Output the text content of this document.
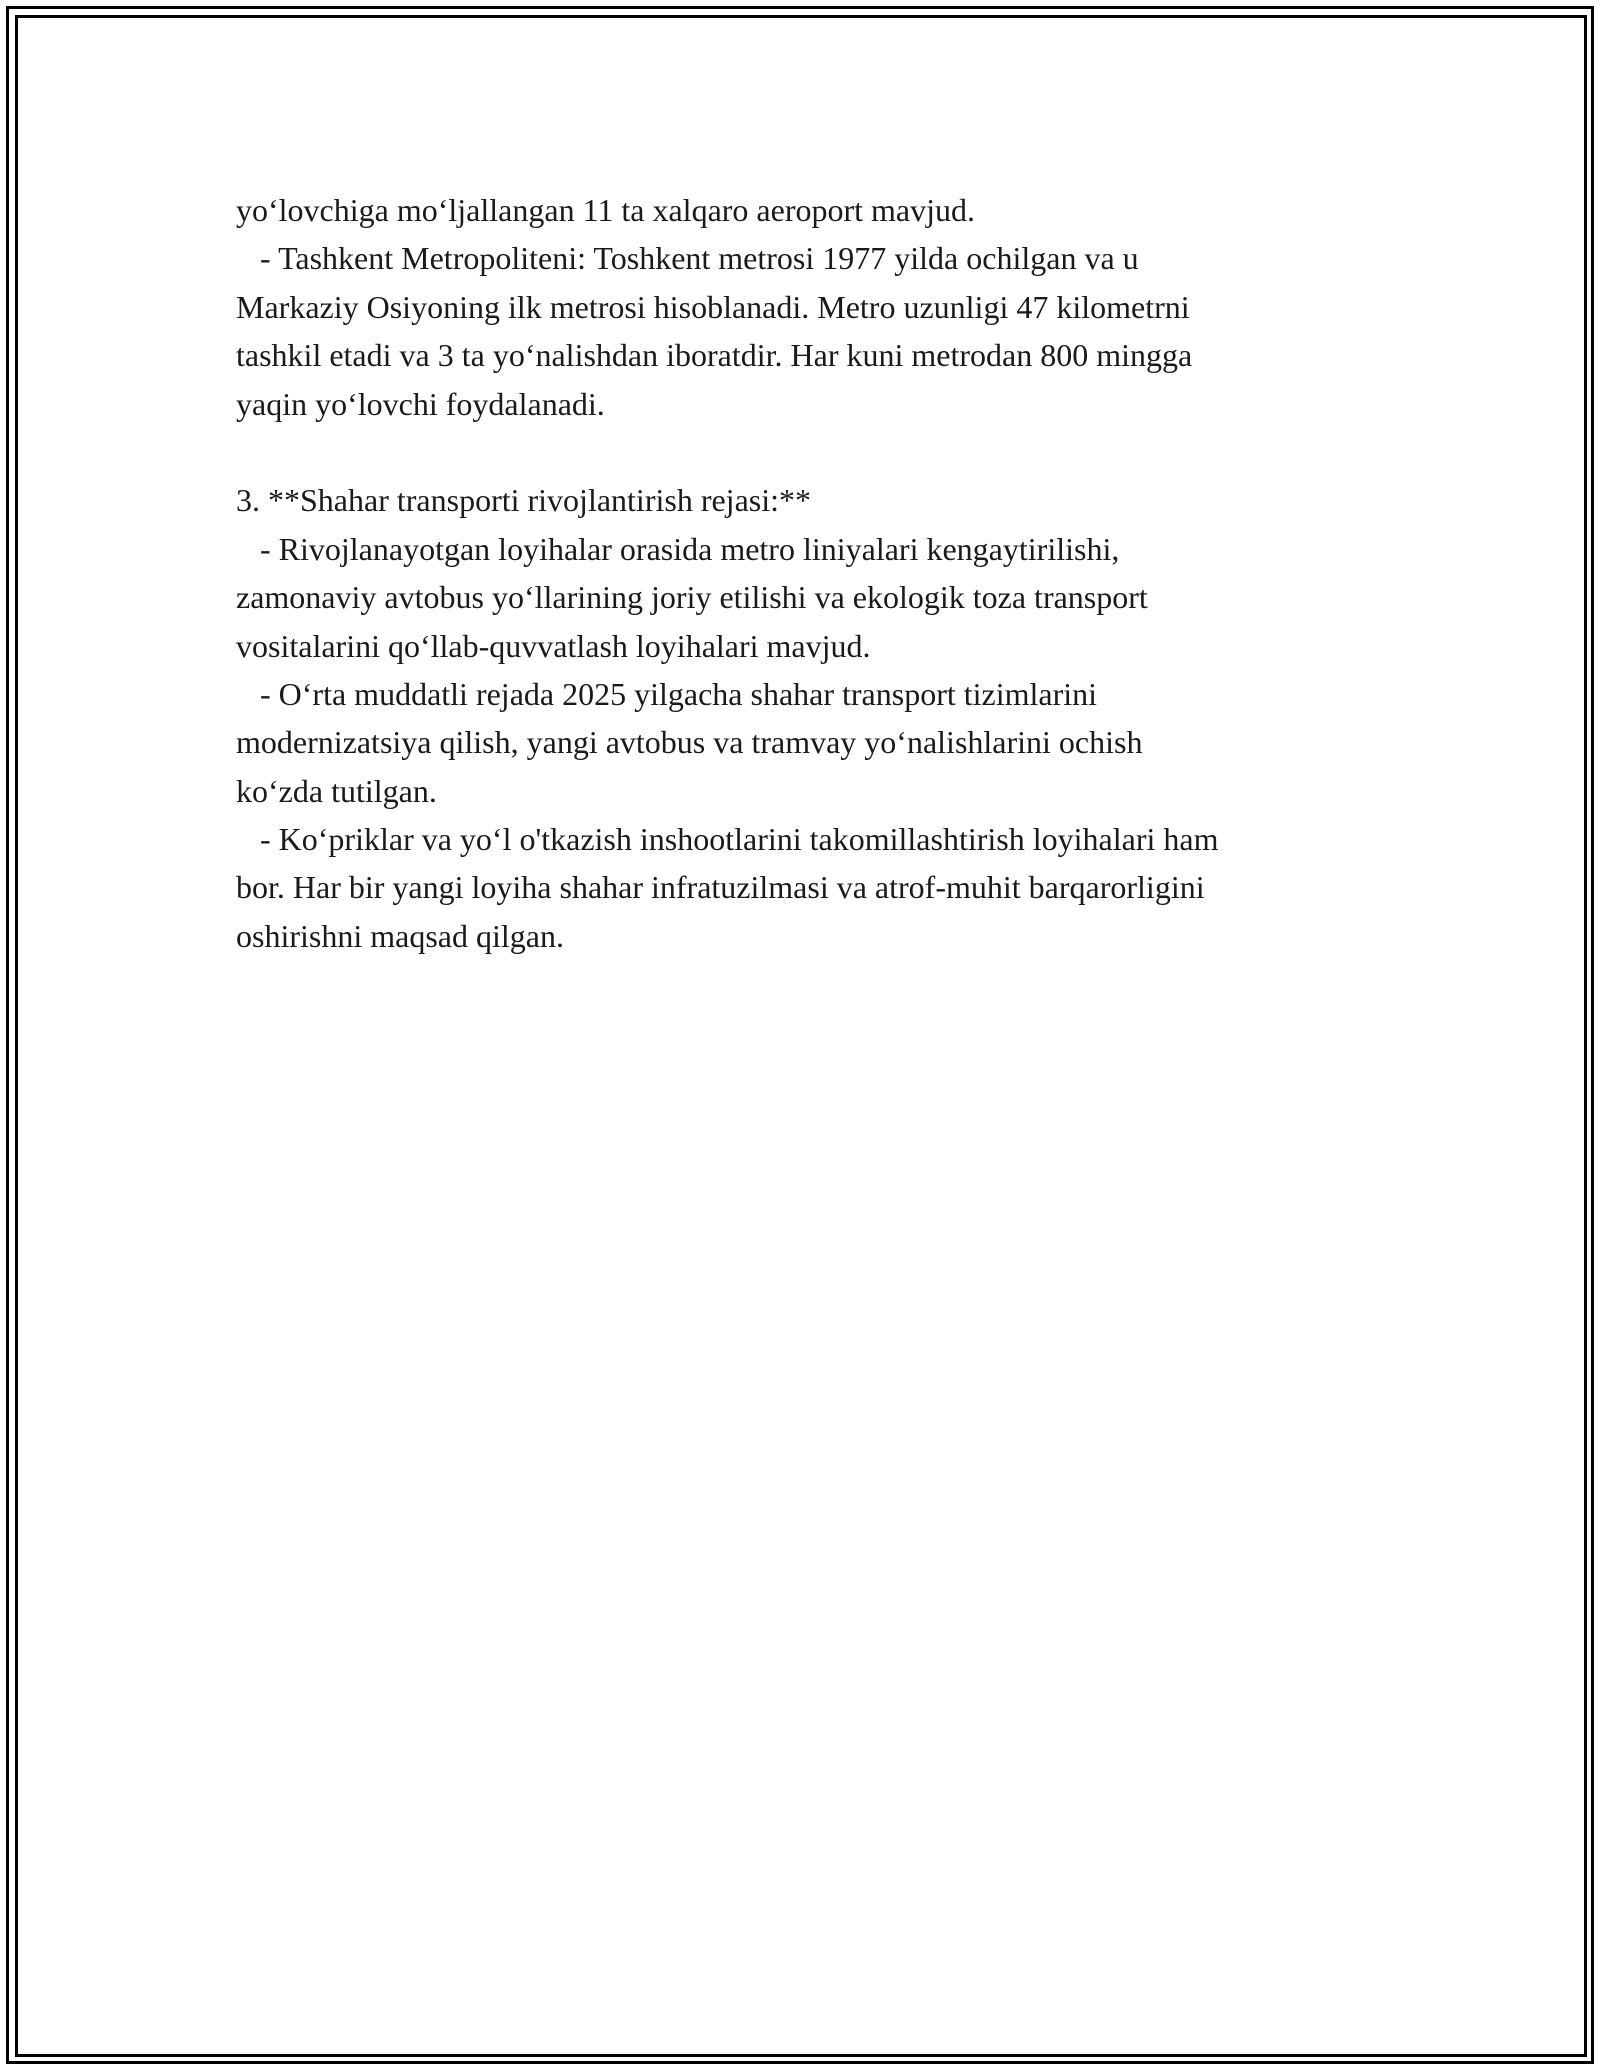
yo‘lovchiga mo‘ljallangan 11 ta xalqaro aeroport mavjud.
- Tashkent Metropoliteni: Toshkent metrosi 1977 yilda ochilgan va u
Markaziy Osiyoning ilk metrosi hisoblanadi. Metro uzunligi 47 kilometrni
tashkil etadi va 3 ta yo‘nalishdan iboratdir. Har kuni metrodan 800 mingga
yaqin yo‘lovchi foydalanadi.
3. **Shahar transporti rivojlantirish rejasi:**
- Rivojlanayotgan loyihalar orasida metro liniyalari kengaytirilishi,
zamonaviy avtobus yo‘llarining joriy etilishi va ekologik toza transport
vositalarini qo‘llab-quvvatlash loyihalari mavjud.
- O‘rta muddatli rejada 2025 yilgacha shahar transport tizimlarini
modernizatsiya qilish, yangi avtobus va tramvay yo‘nalishlarini ochish
ko‘zda tutilgan.
- Ko‘priklar va yo‘l o'tkazish inshootlarini takomillashtirish loyihalari ham
bor. Har bir yangi loyiha shahar infratuzilmasi va atrof-muhit barqarorligini
oshirishni maqsad qilgan.
